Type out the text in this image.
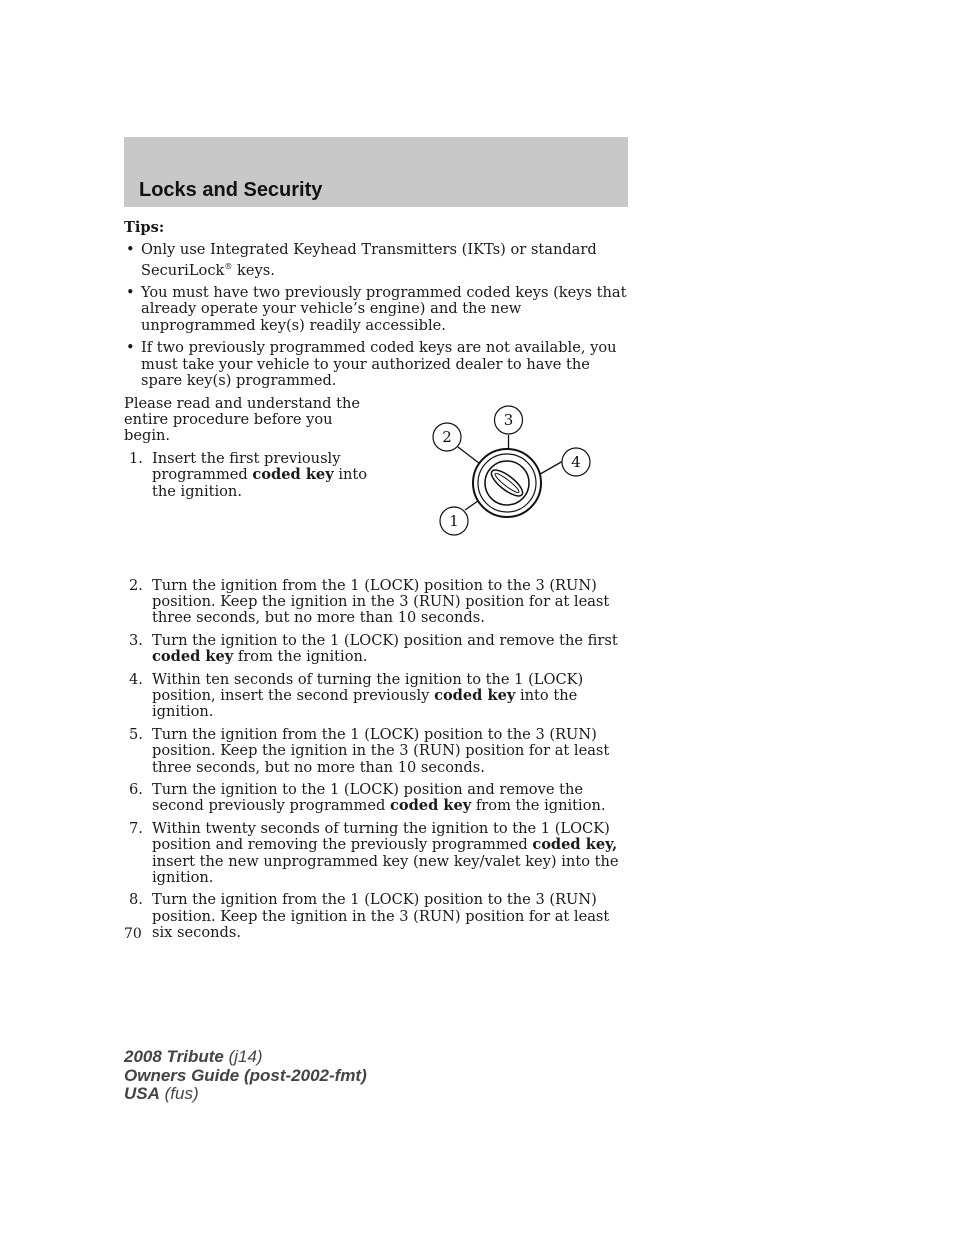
Locks and Security

Tips:

• Only use Integrated Keyhead Transmitters (IKTs) or standard SecuriLock® keys.
• You must have two previously programmed coded keys (keys that already operate your vehicle’s engine) and the new unprogrammed key(s) readily accessible.
• If two previously programmed coded keys are not available, you must take your vehicle to your authorized dealer to have the spare key(s) programmed.

Please read and understand the entire procedure before you begin.

1. Insert the first previously programmed coded key into the ignition.
3
2
4
1
2. Turn the ignition from the 1 (LOCK) position to the 3 (RUN) position. Keep the ignition in the 3 (RUN) position for at least three seconds, but no more than 10 seconds.
3. Turn the ignition to the 1 (LOCK) position and remove the first coded key from the ignition.
4. Within ten seconds of turning the ignition to the 1 (LOCK) position, insert the second previously coded key into the ignition.
5. Turn the ignition from the 1 (LOCK) position to the 3 (RUN) position. Keep the ignition in the 3 (RUN) position for at least three seconds, but no more than 10 seconds.
6. Turn the ignition to the 1 (LOCK) position and remove the second previously programmed coded key from the ignition.
7. Within twenty seconds of turning the ignition to the 1 (LOCK) position and removing the previously programmed coded key, insert the new unprogrammed key (new key/valet key) into the ignition.
8. Turn the ignition from the 1 (LOCK) position to the 3 (RUN) position. Keep the ignition in the 3 (RUN) position for at least six seconds.
70
2008 Tribute (j14)
Owners Guide (post-2002-fmt)
USA (fus)
